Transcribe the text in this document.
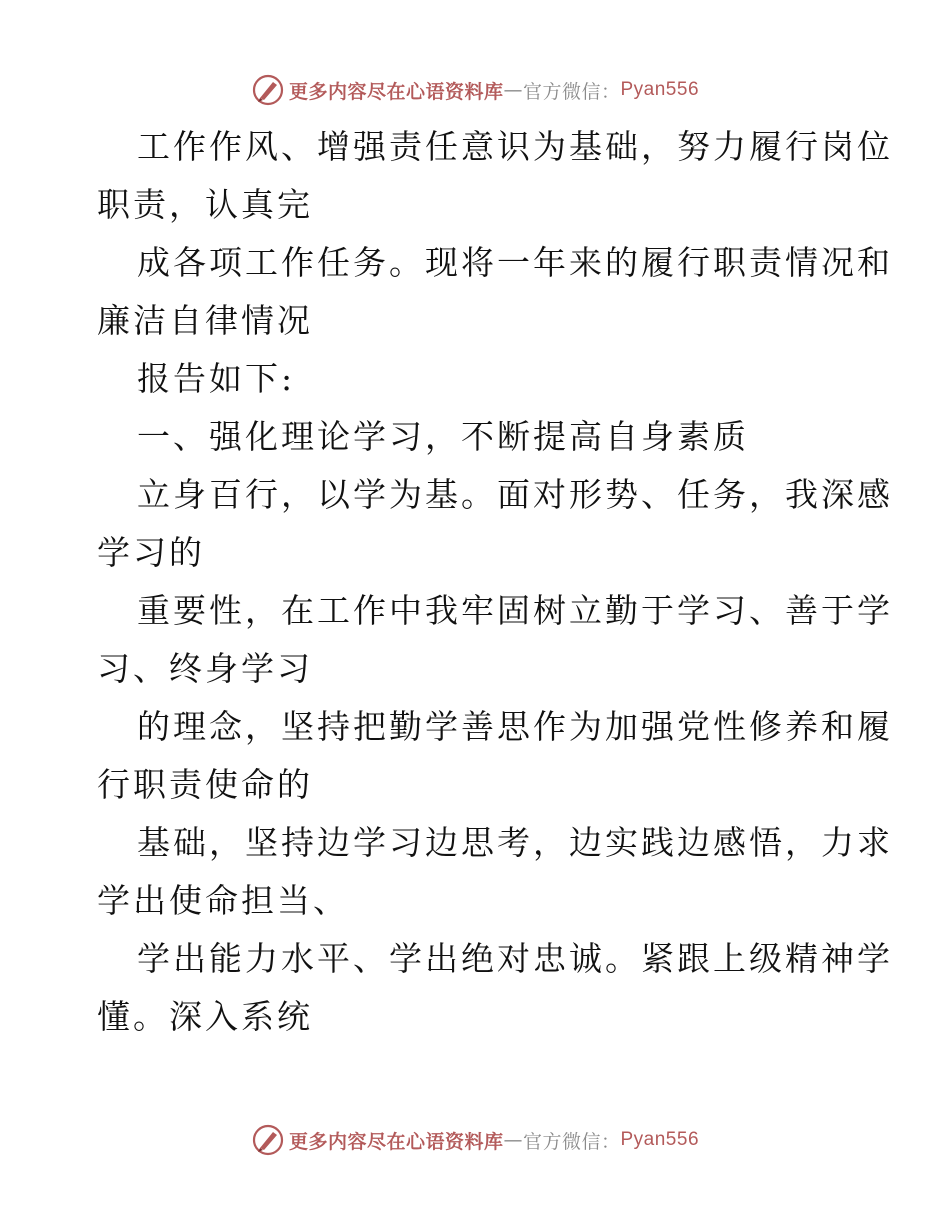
更多内容尽在心语资料库 — 官方微信： Pyan556
工作作风、增强责任意识为基础，努力履行岗位
职责，认真完
成各项工作任务。现将一年来的履行职责情况和
廉洁自律情况
报告如下:
一、强化理论学习，不断提高自身素质
立身百行，以学为基。面对形势、任务，我深感
学习的
重要性，在工作中我牢固树立勤于学习、善于学
习、终身学习
的理念，坚持把勤学善思作为加强党性修养和履
行职责使命的
基础，坚持边学习边思考，边实践边感悟，力求
学出使命担当、
学出能力水平、学出绝对忠诚。紧跟上级精神学
懂。深入系统
更多内容尽在心语资料库 — 官方微信： Pyan556
